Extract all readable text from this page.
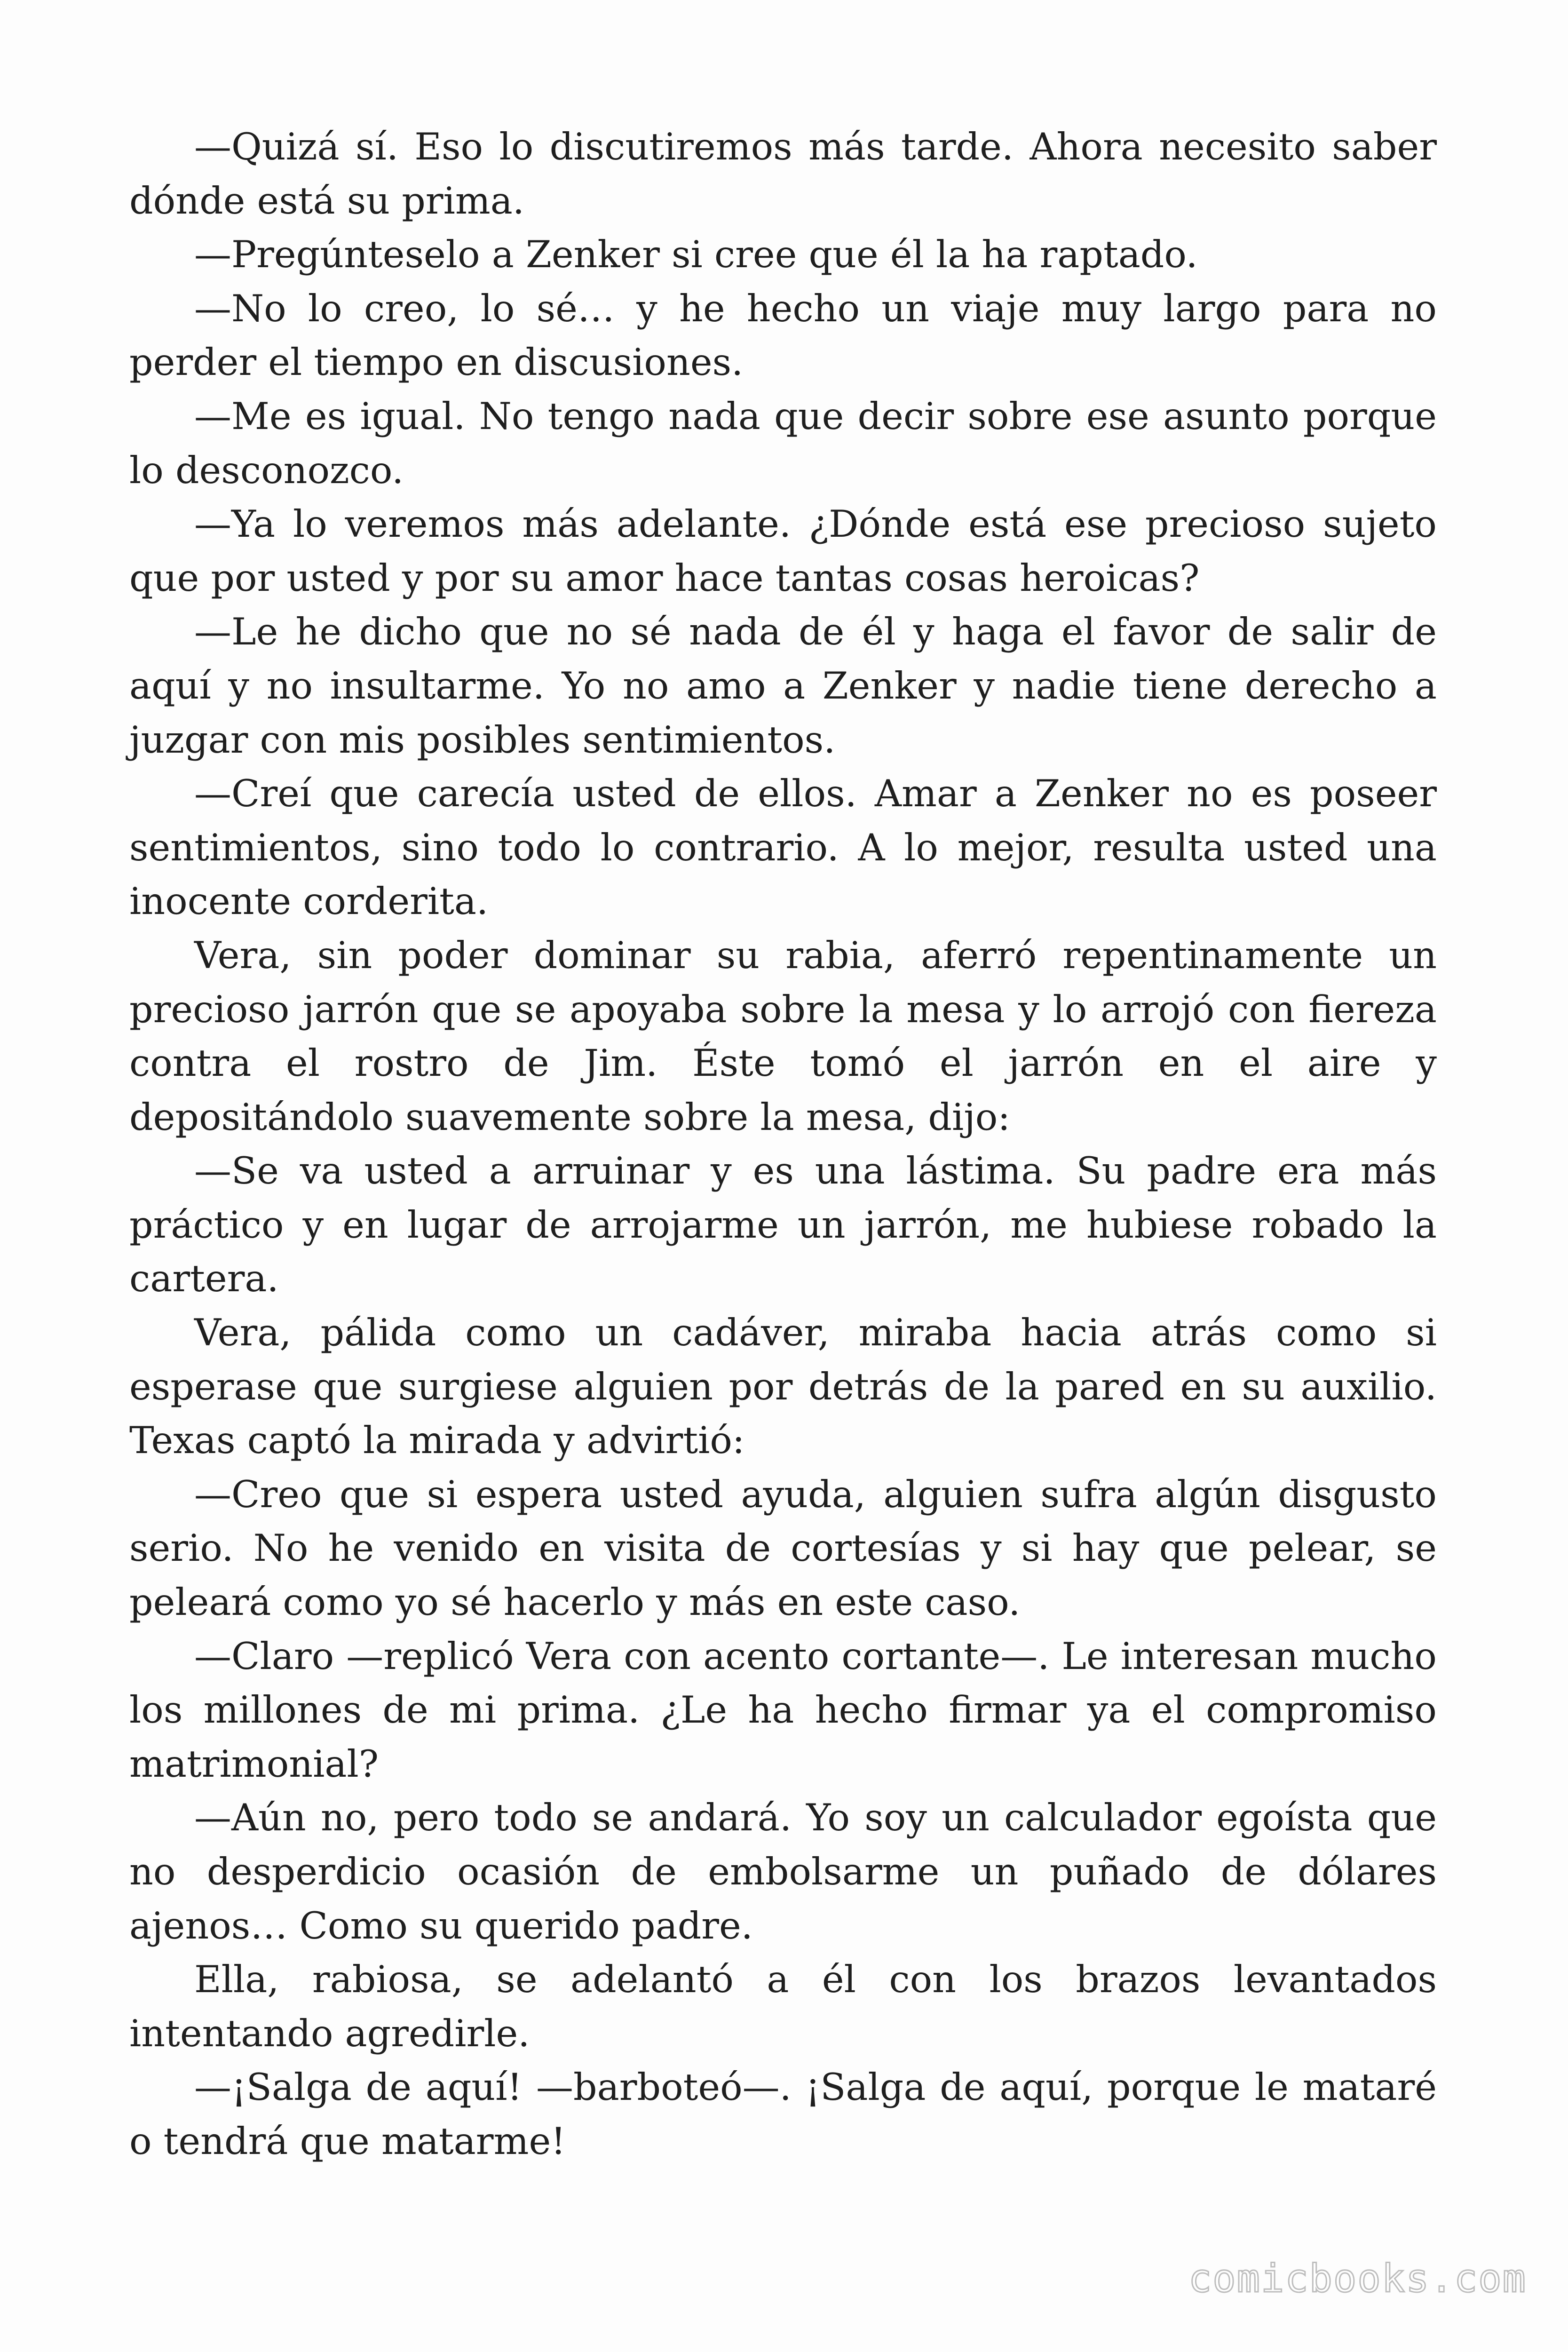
—Quizá sí. Eso lo discutiremos más tarde. Ahora necesito saber dónde está su prima.

—Pregúnteselo a Zenker si cree que él la ha raptado.

—No lo creo, lo sé… y he hecho un viaje muy largo para no perder el tiempo en discusiones.

—Me es igual. No tengo nada que decir sobre ese asunto porque lo desconozco.

—Ya lo veremos más adelante. ¿Dónde está ese precioso sujeto que por usted y por su amor hace tantas cosas heroicas?

—Le he dicho que no sé nada de él y haga el favor de salir de aquí y no insultarme. Yo no amo a Zenker y nadie tiene derecho a juzgar con mis posibles sentimientos.

—Creí que carecía usted de ellos. Amar a Zenker no es poseer sentimientos, sino todo lo contrario. A lo mejor, resulta usted una inocente corderita.

Vera, sin poder dominar su rabia, aferró repentinamente un precioso jarrón que se apoyaba sobre la mesa y lo arrojó con fiereza contra el rostro de Jim. Éste tomó el jarrón en el aire y depositándolo suavemente sobre la mesa, dijo:

—Se va usted a arruinar y es una lástima. Su padre era más práctico y en lugar de arrojarme un jarrón, me hubiese robado la cartera.

Vera, pálida como un cadáver, miraba hacia atrás como si esperase que surgiese alguien por detrás de la pared en su auxilio. Texas captó la mirada y advirtió:

—Creo que si espera usted ayuda, alguien sufra algún disgusto serio. No he venido en visita de cortesías y si hay que pelear, se peleará como yo sé hacerlo y más en este caso.

—Claro —replicó Vera con acento cortante—. Le interesan mucho los millones de mi prima. ¿Le ha hecho firmar ya el compromiso matrimonial?

—Aún no, pero todo se andará. Yo soy un calculador egoísta que no desperdicio ocasión de embolsarme un puñado de dólares ajenos… Como su querido padre.

Ella, rabiosa, se adelantó a él con los brazos levantados intentando agredirle.

—¡Salga de aquí! —barboteó—. ¡Salga de aquí, porque le mataré o tendrá que matarme!

comicbooks.com
